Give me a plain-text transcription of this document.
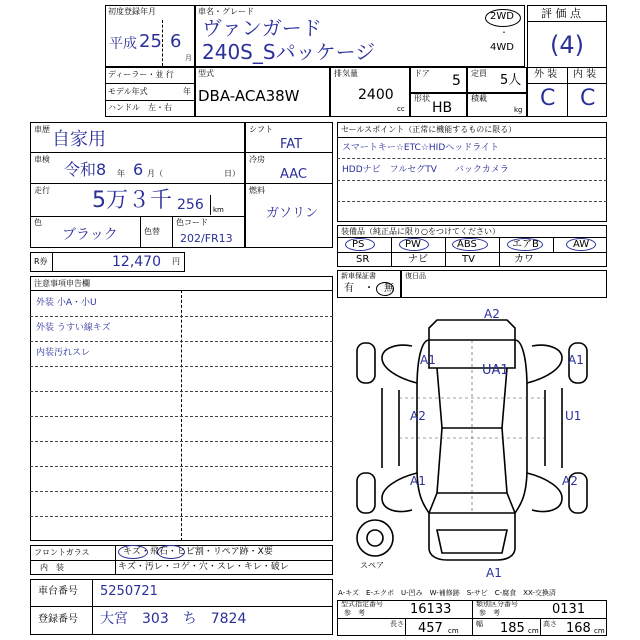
初度登録年月
平成 25 6
月
車名・グレード
ヴァンガード
240S_Sパッケージ
2WD
・
4WD
評 価 点
(4)
外 装 内 装
C C
ディーラー・並 行
モデル年式	年
ハンドル　左・右
型式
DBA-ACA38W
排気量
2400
cc
ドア 5 定員 5人
形状
HB
積載
kg
車歴 自家用
車検
令和8 年 6 月（	日）
走行 5万３千 256 km
色
ブラック	色替
色コード
202/FR13
シフト
FAT
冷房
AAC
燃料
ガソリン
R券	12,470 円
セールスポイント（正常に機能するものに限る）
スマートキー☆ETC☆HIDヘッドライト
HDDナビ　フルセグTV　　バックカメラ
装備品（純正品に限り○をつけてください）
PS	PW	ABS	エアB	AW
SR	ナビ	TV	カワ
新車保証書
有　・　無
復日品
注意事項申告欄
外装 小A・小U
外装 うすい線キズ
内装汚れスレ
フロントガラス	キズ・飛石・ヒビ割・リペア跡・X要
内　装	キズ・汚レ・コゲ・穴・スレ・キレ・破レ
車台番号 5250721
登録番号 大宮　303　ち　7824
A2
UA1
A1	A1
A2	U1
A1	A2
A1
スペア
A-キズ　E-エクボ　U-凹み　W-補修跡　S-サビ　C-腐食　XX-交換済
型式指定番号
参　考	16133	類別区分番号
参　考	0131
長さ 457 cm
幅 185 cm
高さ 168 cm
